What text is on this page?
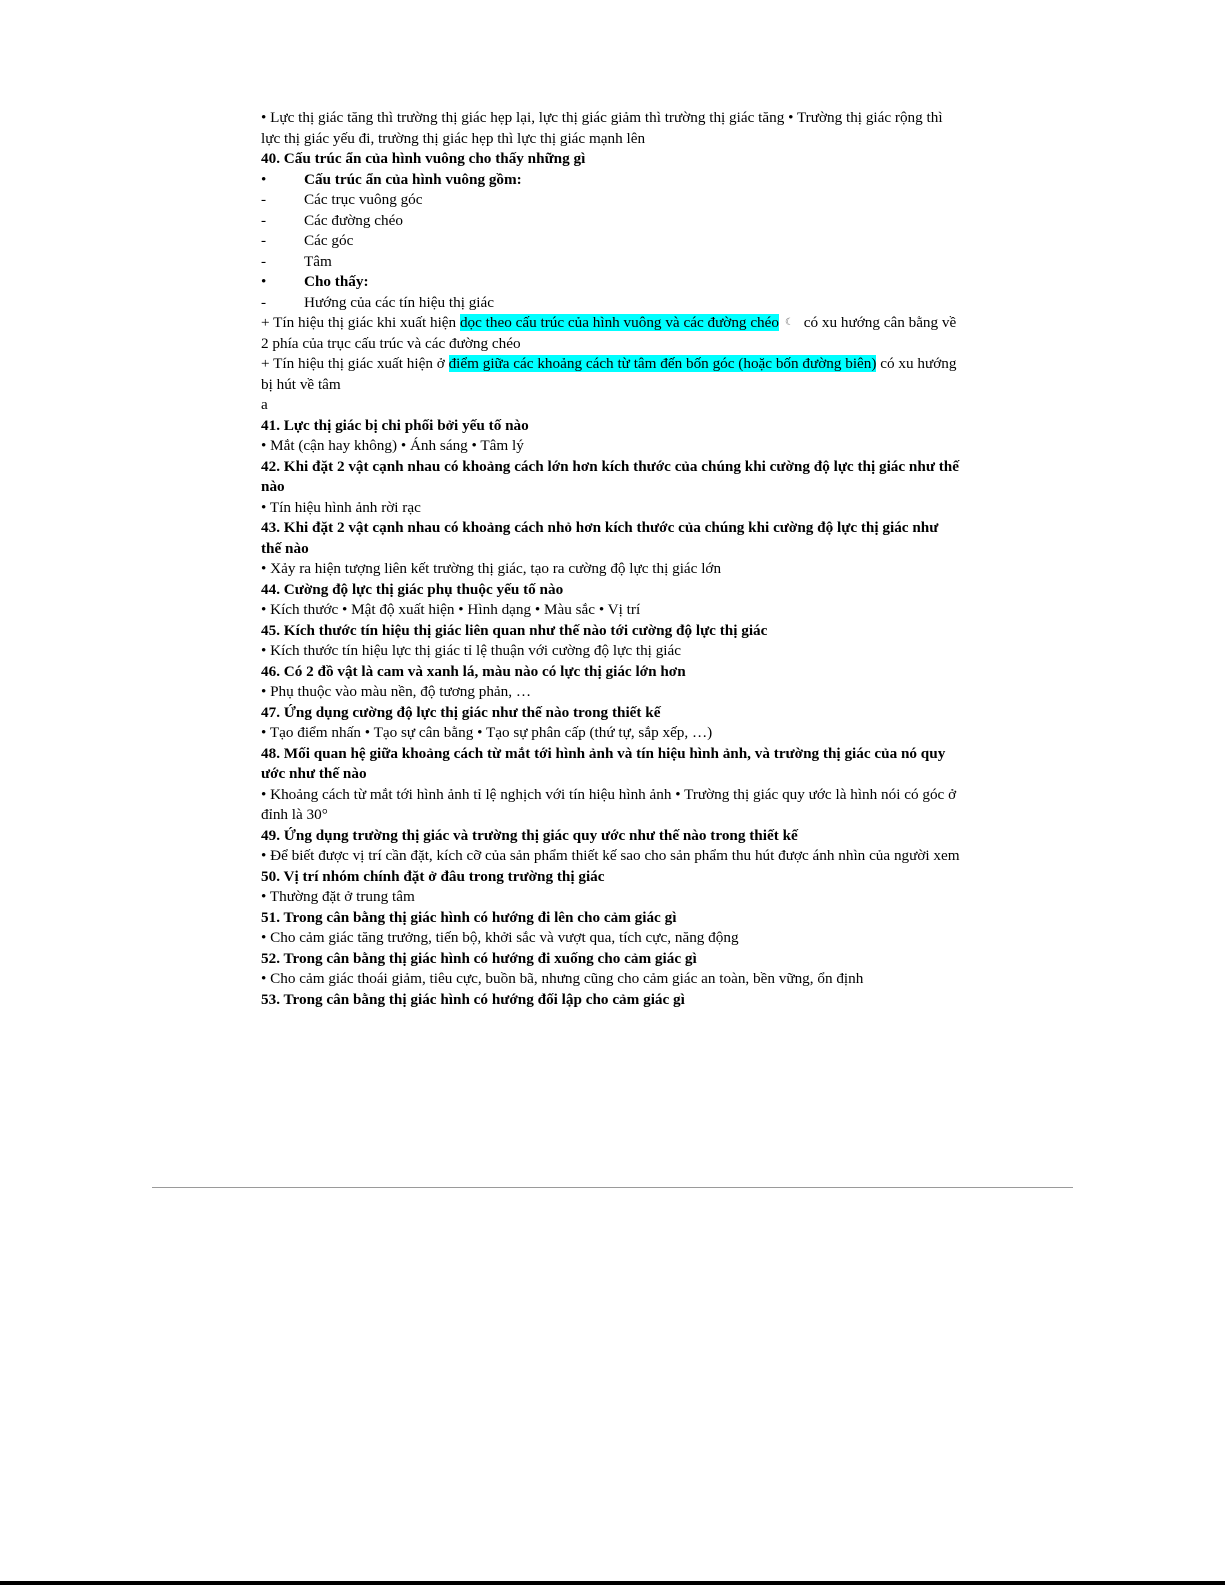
• Lực thị giác tăng thì trường thị giác hẹp lại, lực thị giác giảm thì trường thị giác tăng • Trường thị giác rộng thì lực thị giác yếu đi, trường thị giác hẹp thì lực thị giác mạnh lên

40. Cấu trúc ẩn của hình vuông cho thấy những gì

•	Cấu trúc ẩn của hình vuông gồm:
-	Các trục vuông góc
-	Các đường chéo
-	Các góc
-	Tâm
•	Cho thấy:
-	Hướng của các tín hiệu thị giác

+ Tín hiệu thị giác khi xuất hiện dọc theo cấu trúc của hình vuông và các đường chéo ☾ có xu hướng cân bằng về 2 phía của trục cấu trúc và các đường chéo

+ Tín hiệu thị giác xuất hiện ở điểm giữa các khoảng cách từ tâm đến bốn góc (hoặc bốn đường biên) có xu hướng bị hút về tâm

a

41. Lực thị giác bị chi phối bởi yếu tố nào

• Mắt (cận hay không) • Ánh sáng • Tâm lý

42. Khi đặt 2 vật cạnh nhau có khoảng cách lớn hơn kích thước của chúng khi cường độ lực thị giác như thế nào

• Tín hiệu hình ảnh rời rạc

43. Khi đặt 2 vật cạnh nhau có khoảng cách nhỏ hơn kích thước của chúng khi cường độ lực thị giác như thế nào

• Xảy ra hiện tượng liên kết trường thị giác, tạo ra cường độ lực thị giác lớn

44. Cường độ lực thị giác phụ thuộc yếu tố nào

• Kích thước • Mật độ xuất hiện • Hình dạng • Màu sắc • Vị trí

45. Kích thước tín hiệu thị giác liên quan như thế nào tới cường độ lực thị giác

• Kích thước tín hiệu lực thị giác tỉ lệ thuận với cường độ lực thị giác

46. Có 2 đồ vật là cam và xanh lá, màu nào có lực thị giác lớn hơn

• Phụ thuộc vào màu nền, độ tương phản, …

47. Ứng dụng cường độ lực thị giác như thế nào trong thiết kế

• Tạo điểm nhấn • Tạo sự cân bằng • Tạo sự phân cấp (thứ tự, sắp xếp, …)

48. Mối quan hệ giữa khoảng cách từ mắt tới hình ảnh và tín hiệu hình ảnh, và trường thị giác của nó quy ước như thế nào

• Khoảng cách từ mắt tới hình ảnh tỉ lệ nghịch với tín hiệu hình ảnh • Trường thị giác quy ước là hình nói có góc ở đỉnh là 30°

49. Ứng dụng trường thị giác và trường thị giác quy ước như thế nào trong thiết kế

• Để biết được vị trí cần đặt, kích cỡ của sản phẩm thiết kế sao cho sản phẩm thu hút được ánh nhìn của người xem

50. Vị trí nhóm chính đặt ở đâu trong trường thị giác

• Thường đặt ở trung tâm

51. Trong cân bằng thị giác hình có hướng đi lên cho cảm giác gì

• Cho cảm giác tăng trưởng, tiến bộ, khởi sắc và vượt qua, tích cực, năng động

52. Trong cân bằng thị giác hình có hướng đi xuống cho cảm giác gì

• Cho cảm giác thoái giảm, tiêu cực, buồn bã, nhưng cũng cho cảm giác an toàn, bền vững, ổn định

53. Trong cân bằng thị giác hình có hướng đối lập cho cảm giác gì
